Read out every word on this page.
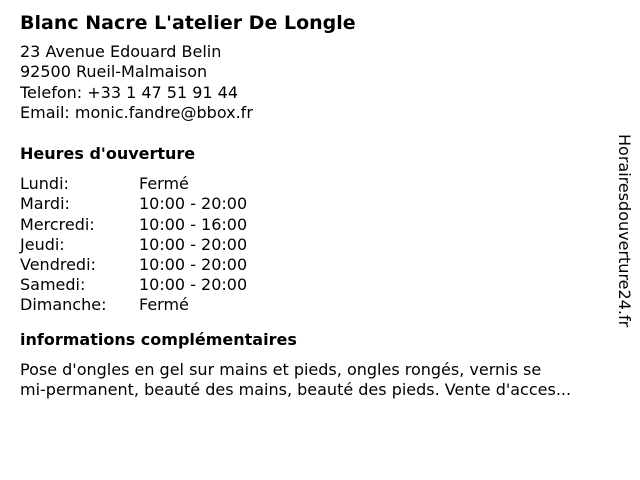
Blanc Nacre L'atelier De Longle
23 Avenue Edouard Belin
92500 Rueil-Malmaison
Telefon: +33 1 47 51 91 44
Email: monic.fandre@bbox.fr
Heures d'ouverture
Lundi:	Fermé
Mardi:	10:00 - 20:00
Mercredi:	10:00 - 16:00
Jeudi:	10:00 - 20:00
Vendredi:	10:00 - 20:00
Samedi:	10:00 - 20:00
Dimanche:	Fermé
informations complémentaires
Pose d'ongles en gel sur mains et pieds, ongles rongés, vernis se
mi-permanent, beauté des mains, beauté des pieds. Vente d'acces...
Horairesdouverture24.fr
